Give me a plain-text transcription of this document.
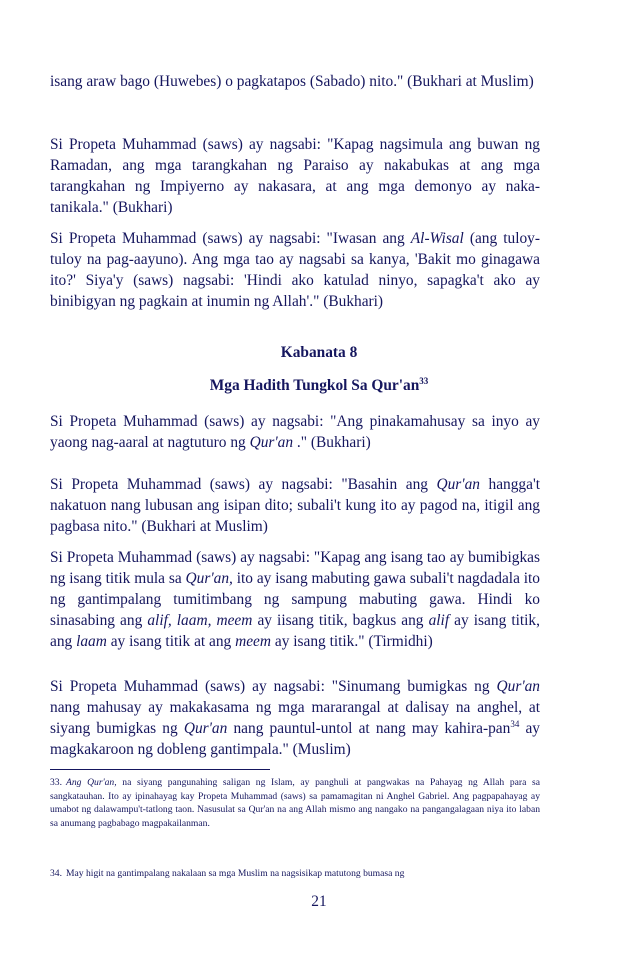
isang araw bago (Huwebes) o pagkatapos (Sabado) nito." (Bukhari at Muslim)

Si Propeta Muhammad (saws) ay nagsabi: "Kapag nagsimula ang buwan ng Ramadan, ang mga tarangkahan ng Paraiso ay nakabukas at ang mga tarangkahan ng Impiyerno ay nakasara, at ang mga demonyo ay naka-tanikala." (Bukhari)

Si Propeta Muhammad (saws) ay nagsabi: "Iwasan ang Al-Wisal (ang tuloy-tuloy na pag-aayuno). Ang mga tao ay nagsabi sa kanya, 'Bakit mo ginagawa ito?' Siya'y (saws) nagsabi: 'Hindi ako katulad ninyo, sapagka't ako ay binibigyan ng pagkain at inumin ng Allah'." (Bukhari)

Kabanata 8
Mga Hadith Tungkol Sa $Qur'an^{33}$

Si Propeta Muhammad (saws) ay nagsabi: "Ang pinakamahusay sa inyo ay yaong nag-aaral at nagtuturo ng Qur'an ." (Bukhari)

Si Propeta Muhammad (saws) ay nagsabi: "Basahin ang Qur'an hangga't nakatuon nang lubusan ang isipan dito; subali't kung ito ay pagod na, itigil ang pagbasa nito." (Bukhari at Muslim)

Si Propeta Muhammad (saws) ay nagsabi: "Kapag ang isang tao ay bumibigkas ng isang titik mula sa Qur'an, ito ay isang mabuting gawa subali't nagdadala ito ng gantimpalang tumitimbang ng sampung mabuting gawa. Hindi ko sinasabing ang alif, laam, meem ay iisang titik, bagkus ang alif ay isang titik, ang laam ay isang titik at ang meem ay isang titik." (Tirmidhi)

Si Propeta Muhammad (saws) ay nagsabi: "Sinumang bumigkas ng Qur'an nang mahusay ay makakasama ng mga mararangal at dalisay na anghel, at siyang bumigkas ng Qur'an nang pauntul-untol at nang may kahira-pan$^{34}$ ay magkakaroon ng dobleng gantimpala." (Muslim)

33. Ang Qur'an, na siyang pangunahing saligan ng Islam, ay panghuli at pangwakas na Pahayag ng Allah para sa sangkatauhan. Ito ay ipinahayag kay Propeta Muhammad (saws) sa pamamagitan ni Anghel Gabriel. Ang pagpapahayag ay umabot ng dalawampu't-tatlong taon. Nasusulat sa Qur'an na ang Allah mismo ang nangako na pangangalagaan niya ito laban sa anumang pagbabago magpakailanman.

34. May higit na gantimpalang nakalaan sa mga Muslim na nagsisikap matutong bumasa ng

21
